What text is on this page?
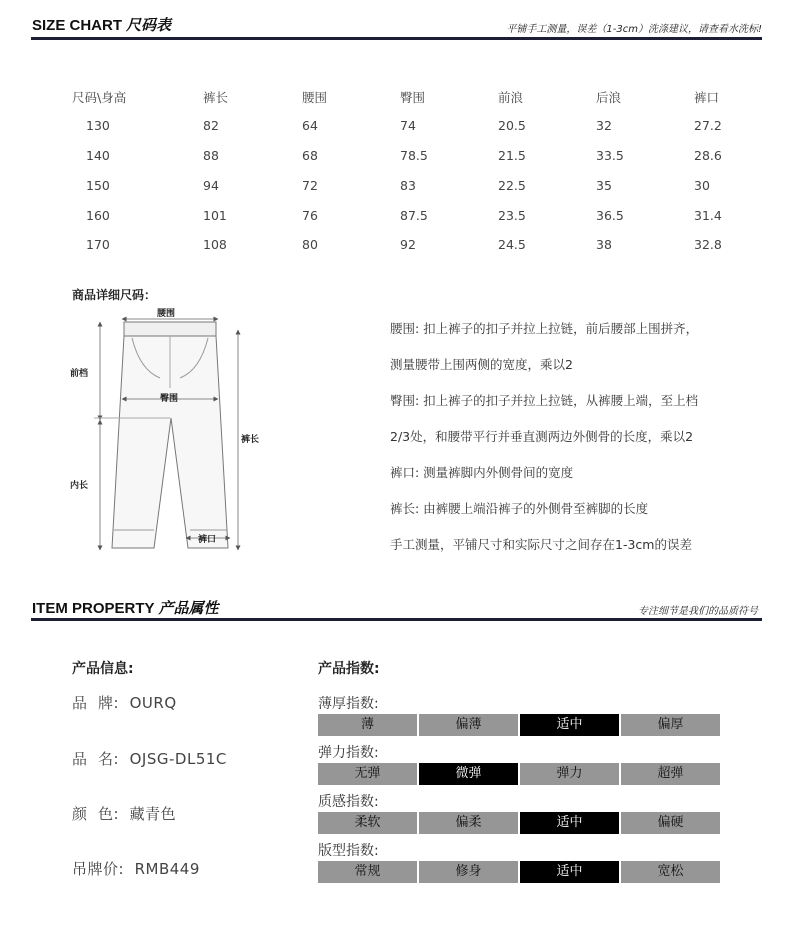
SIZE CHART 尺码表	平铺手工测量，误差（1-3cm）洗涤建议，请查看水洗标!
尺码\身高	裤长	腰围	臀围	前浪	后浪	裤口
130	82	64	74	20.5	32	27.2
140	88	68	78.5	21.5	33.5	28.6
150	94	72	83	22.5	35	30
160	101	76	87.5	23.5	36.5	31.4
170	108	80	92	24.5	38	32.8
商品详细尺码：
腰围
臀围
前档
内长
裤长
裤口
腰围: 扣上裤子的扣子并拉上拉链，前后腰部上围拼齐，
测量腰带上围两侧的宽度，乘以2
臀围: 扣上裤子的扣子并拉上拉链，从裤腰上端，至上档
2/3处，和腰带平行并垂直测两边外侧骨的长度，乘以2
裤口: 测量裤脚内外侧骨间的宽度
裤长: 由裤腰上端沿裤子的外侧骨至裤脚的长度
手工测量，平铺尺寸和实际尺寸之间存在1-3cm的误差
ITEM PROPERTY 产品属性	专注细节是我们的品质符号
产品信息:
品  牌:  OURQ
品  名:  OJSG-DL51C
颜  色:  藏青色
吊牌价:  RMB449
产品指数:
薄厚指数:
薄	偏薄	适中	偏厚
弹力指数:
无弹	微弹	弹力	超弹
质感指数:
柔软	偏柔	适中	偏硬
版型指数:
常规	修身	适中	宽松
